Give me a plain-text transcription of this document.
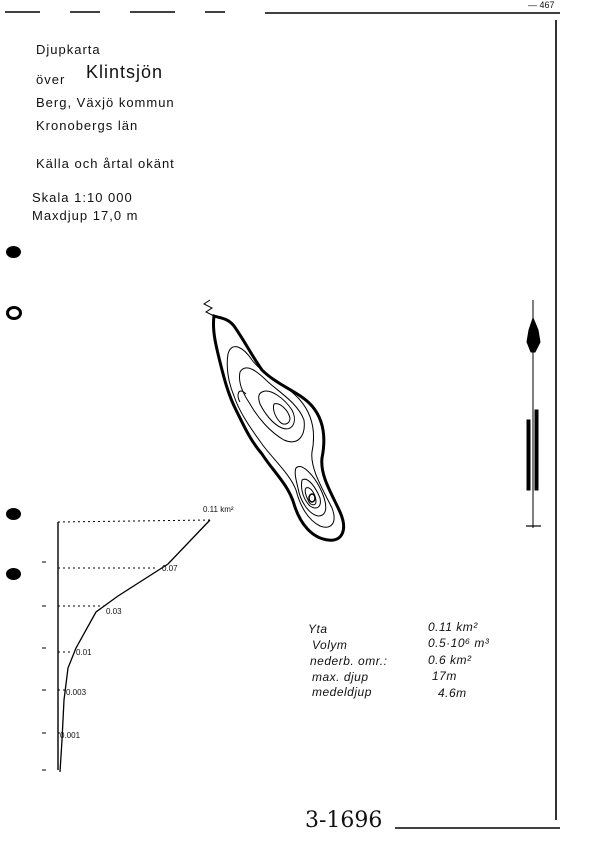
Djupkarta
över Klintsjön
Berg, Växjö kommun
Kronobergs län
Källa och årtal okänt
Skala 1:10 000
Maxdjup 17,0 m
— 467
0.11 km²
0.07
0.03
0.01
0.003
0.001
Yta
Volym
nederb. omr.:
max. djup
medeldjup
0.11 km²
0.5·10⁶ m³
0.6 km²
17m
4.6m
3-1696
